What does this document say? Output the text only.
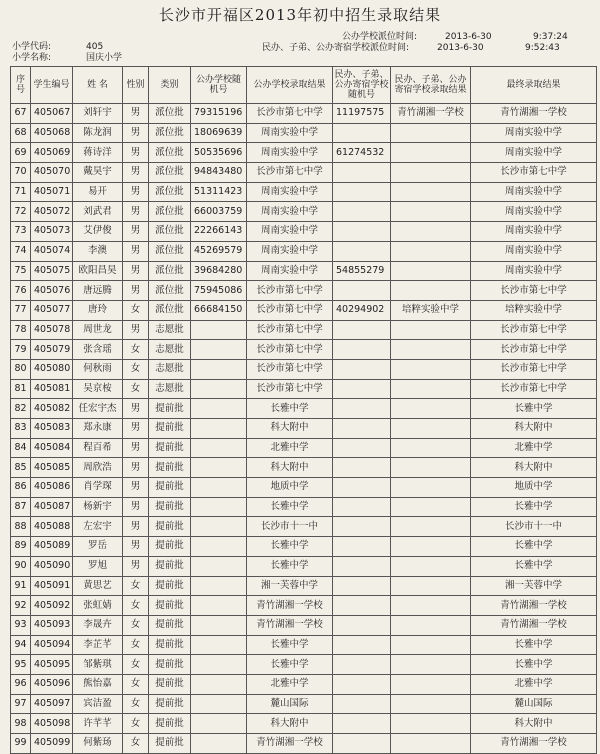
长沙市开福区2013年初中招生录取结果
公办学校派位时间:	2013-6-30	9:37:24
民办、子弟、公办寄宿学校派位时间:	2013-6-30	9:52:43
小学代码:	405
小学名称:	国庆小学
序号	学生编号	姓 名	性别	类别	公办学校随机号	公办学校录取结果	民办、子弟、公办寄宿学校随机号	民办、子弟、公办寄宿学校录取结果	最终录取结果
67	405067	刘轩宇	男	派位批	79315196	长沙市第七中学	11197575	青竹湖湘一学校	青竹湖湘一学校
68	405068	陈龙润	男	派位批	18069639	周南实验中学			周南实验中学
69	405069	蒋诗洋	男	派位批	50535696	周南实验中学	61274532		周南实验中学
70	405070	戴昊宇	男	派位批	94843480	长沙市第七中学			长沙市第七中学
71	405071	易开	男	派位批	51311423	周南实验中学			周南实验中学
72	405072	刘武君	男	派位批	66003759	周南实验中学			周南实验中学
73	405073	艾伊俊	男	派位批	22266143	周南实验中学			周南实验中学
74	405074	李澳	男	派位批	45269579	周南实验中学			周南实验中学
75	405075	欧阳昌昊	男	派位批	39684280	周南实验中学	54855279		周南实验中学
76	405076	唐远腾	男	派位批	75945086	长沙市第七中学			长沙市第七中学
77	405077	唐玲	女	派位批	66684150	长沙市第七中学	40294902	培粹实验中学	培粹实验中学
78	405078	周世龙	男	志愿批		长沙市第七中学			长沙市第七中学
79	405079	张含瑶	女	志愿批		长沙市第七中学			长沙市第七中学
80	405080	何秋雨	女	志愿批		长沙市第七中学			长沙市第七中学
81	405081	吴京桉	女	志愿批		长沙市第七中学			长沙市第七中学
82	405082	任宏宇杰	男	提前批		长雅中学			长雅中学
83	405083	郑永康	男	提前批		科大附中			科大附中
84	405084	程百希	男	提前批		北雅中学			北雅中学
85	405085	周欣浩	男	提前批		科大附中			科大附中
86	405086	肖学琛	男	提前批		地质中学			地质中学
87	405087	杨新宇	男	提前批		长雅中学			长雅中学
88	405088	左宏宇	男	提前批		长沙市十一中			长沙市十一中
89	405089	罗岳	男	提前批		长雅中学			长雅中学
90	405090	罗旭	男	提前批		长雅中学			长雅中学
91	405091	黄思艺	女	提前批		湘一芙蓉中学			湘一芙蓉中学
92	405092	张虹婧	女	提前批		青竹湖湘一学校			青竹湖湘一学校
93	405093	李晟卉	女	提前批		青竹湖湘一学校			青竹湖湘一学校
94	405094	李芷芊	女	提前批		长雅中学			长雅中学
95	405095	邹紫琪	女	提前批		长雅中学			长雅中学
96	405096	熊怡嘉	女	提前批		北雅中学			北雅中学
97	405097	宾洁盈	女	提前批		麓山国际			麓山国际
98	405098	许芊芊	女	提前批		科大附中			科大附中
99	405099	何紫玚	女	提前批		青竹湖湘一学校			青竹湖湘一学校
